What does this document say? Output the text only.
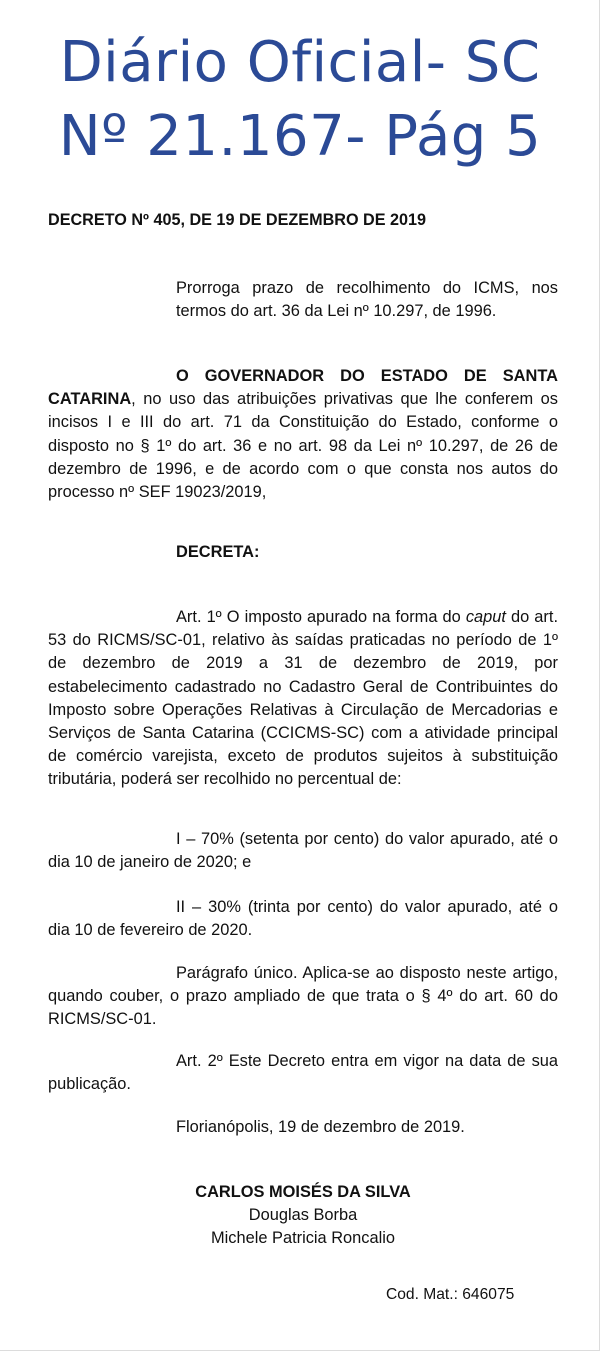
Diário Oficial- SC
Nº 21.167- Pág 5
DECRETO Nº 405, DE 19 DE DEZEMBRO DE 2019
Prorroga prazo de recolhimento do ICMS, nos termos do art. 36 da Lei nº 10.297, de 1996.
O GOVERNADOR DO ESTADO DE SANTA CATARINA, no uso das atribuições privativas que lhe conferem os incisos I e III do art. 71 da Constituição do Estado, conforme o disposto no § 1º do art. 36 e no art. 98 da Lei nº 10.297, de 26 de dezembro de 1996, e de acordo com o que consta nos autos do processo nº SEF 19023/2019,
DECRETA:
Art. 1º O imposto apurado na forma do caput do art. 53 do RICMS/SC-01, relativo às saídas praticadas no período de 1º de dezembro de 2019 a 31 de dezembro de 2019, por estabelecimento cadastrado no Cadastro Geral de Contribuintes do Imposto sobre Operações Relativas à Circulação de Mercadorias e Serviços de Santa Catarina (CCICMS-SC) com a atividade principal de comércio varejista, exceto de produtos sujeitos à substituição tributária, poderá ser recolhido no percentual de:
I – 70% (setenta por cento) do valor apurado, até o dia 10 de janeiro de 2020; e
II – 30% (trinta por cento) do valor apurado, até o dia 10 de fevereiro de 2020.
Parágrafo único. Aplica-se ao disposto neste artigo, quando couber, o prazo ampliado de que trata o § 4º do art. 60 do RICMS/SC-01.
Art. 2º Este Decreto entra em vigor na data de sua publicação.
Florianópolis, 19 de dezembro de 2019.
CARLOS MOISÉS DA SILVA
Douglas Borba
Michele Patricia Roncalio
Cod. Mat.: 646075
